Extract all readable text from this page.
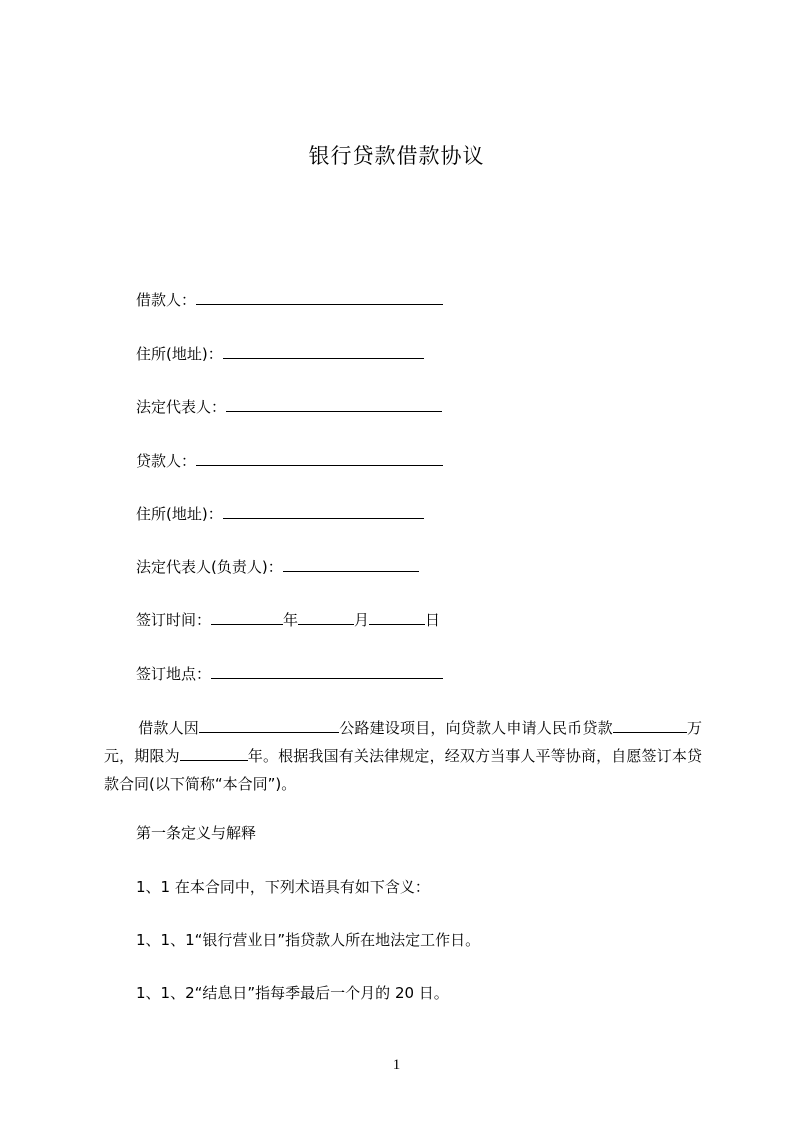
银行贷款借款协议
借款人：
住所(地址)：
法定代表人：
贷款人：
住所(地址)：
法定代表人(负责人)：
签订时间：	年	月	日
签订地点：
借款人因	公路建设项目，向贷款人申请人民币贷款	万元，期限为	年。根据我国有关法律规定，经双方当事人平等协商，自愿签订本贷款合同(以下简称“本合同”)。
第一条定义与解释
1、1 在本合同中，下列术语具有如下含义：
1、1、1“银行营业日”指贷款人所在地法定工作日。
1、1、2“结息日”指每季最后一个月的 20 日。
1
